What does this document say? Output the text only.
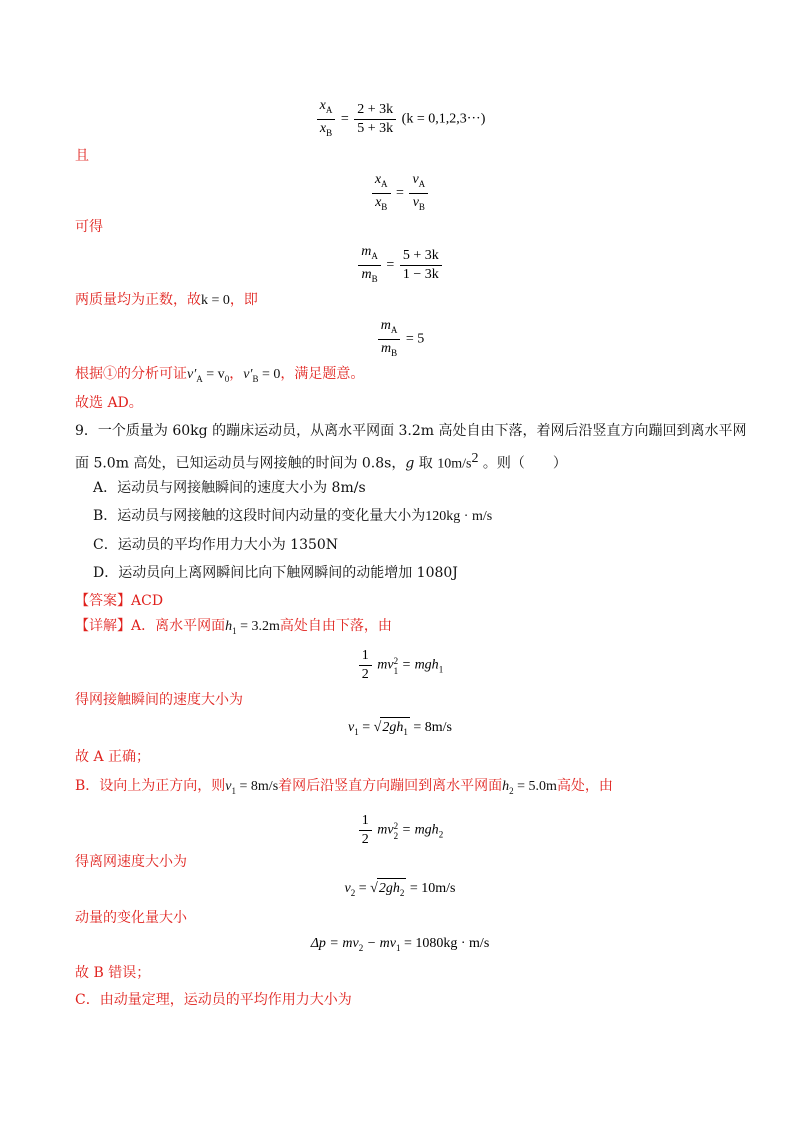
$\frac{x_A}{x_B} = \frac{2 + 3k}{5 + 3k} (k = 0,1,2,3\cdot\cdot\cdot)$
且
$\frac{x_A}{x_B} = \frac{v_A}{v_B}$
可得
$\frac{m_A}{m_B} = \frac{5 + 3k}{1 - 3k}$
两质量均为正数，故k = 0，即
$\frac{m_A}{m_B} = 5$
根据①的分析可证$v'_A = v_0$，$v'_B = 0$，满足题意。
故选 AD。
9．一个质量为 60kg 的蹦床运动员，从离水平网面 3.2m 高处自由下落，着网后沿竖直方向蹦回到离水平网
面 5.0m 高处，已知运动员与网接触的时间为 0.8s，g 取 $10m/s^2$ 。则（　　）
A．运动员与网接触瞬间的速度大小为 8m/s
B．运动员与网接触的这段时间内动量的变化量大小为120kg · m/s
C．运动员的平均作用力大小为 1350N
D．运动员向上离网瞬间比向下触网瞬间的动能增加 1080J
【答案】ACD
【详解】A．离水平网面$h_1 = 3.2m$高处自由下落，由
$\frac{1}{2}$ mv 2
1 = mgh$_1$
得网接触瞬间的速度大小为
$v_1 = √2gh_1 = 8m/s$
故 A 正确；
B．设向上为正方向，则$v_1 = 8m/s$着网后沿竖直方向蹦回到离水平网面$h_2 = 5.0m$高处，由
$\frac{1}{2}$ mv 2
2 = mgh$_2$
得离网速度大小为
$v_2 = √2gh_2 = 10m/s$
动量的变化量大小
$\Delta p = mv_2 - mv_1 = 1080kg \cdot m/s$
故 B 错误；
C．由动量定理，运动员的平均作用力大小为
